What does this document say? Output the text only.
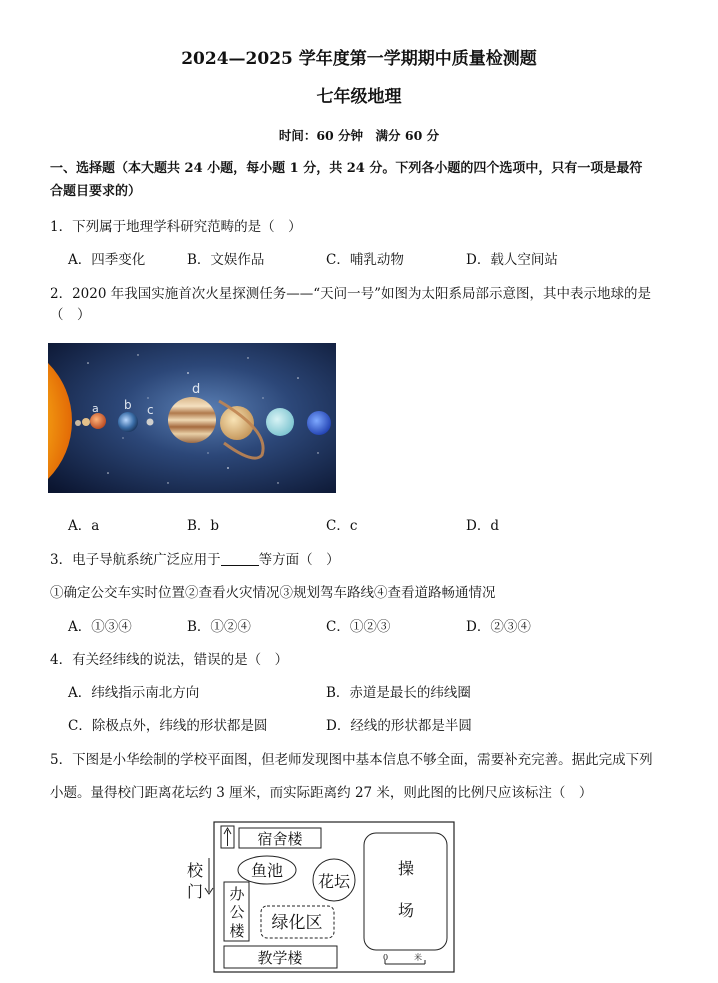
2024—2025 学年度第一学期期中质量检测题
七年级地理
时间：60 分钟　满分 60 分
一、选择题（本大题共 24 小题，每小题 1 分，共 24 分。下列各小题的四个选项中，只有一项是最符
合题目要求的）
1．下列属于地理学科研究范畴的是（　）
A．四季变化	B．文娱作品	C．哺乳动物	D．载人空间站
2．2020 年我国实施首次火星探测任务——“天问一号”如图为太阳系局部示意图，其中表示地球的是
（　）
a b c
d
A．a	B．b	C．c	D．d
3．电子导航系统广泛应用于	等方面（　）
①确定公交车实时位置②查看火灾情况③规划驾车路线④查看道路畅通情况
A．①③④	B．①②④	C．①②③	D．②③④
4．有关经纬线的说法，错误的是（　）
A．纬线指示南北方向	B．赤道是最长的纬线圈
C．除极点外，纬线的形状都是圆	D．经线的形状都是半圆
5．下图是小华绘制的学校平面图，但老师发现图中基本信息不够全面，需要补充完善。据此完成下列
小题。量得校门距离花坛约 3 厘米，而实际距离约 27 米，则此图的比例尺应该标注（　）
宿舍楼
鱼池
花坛
操
场
办
公
楼 绿化区
教学楼	0	米
校
门
